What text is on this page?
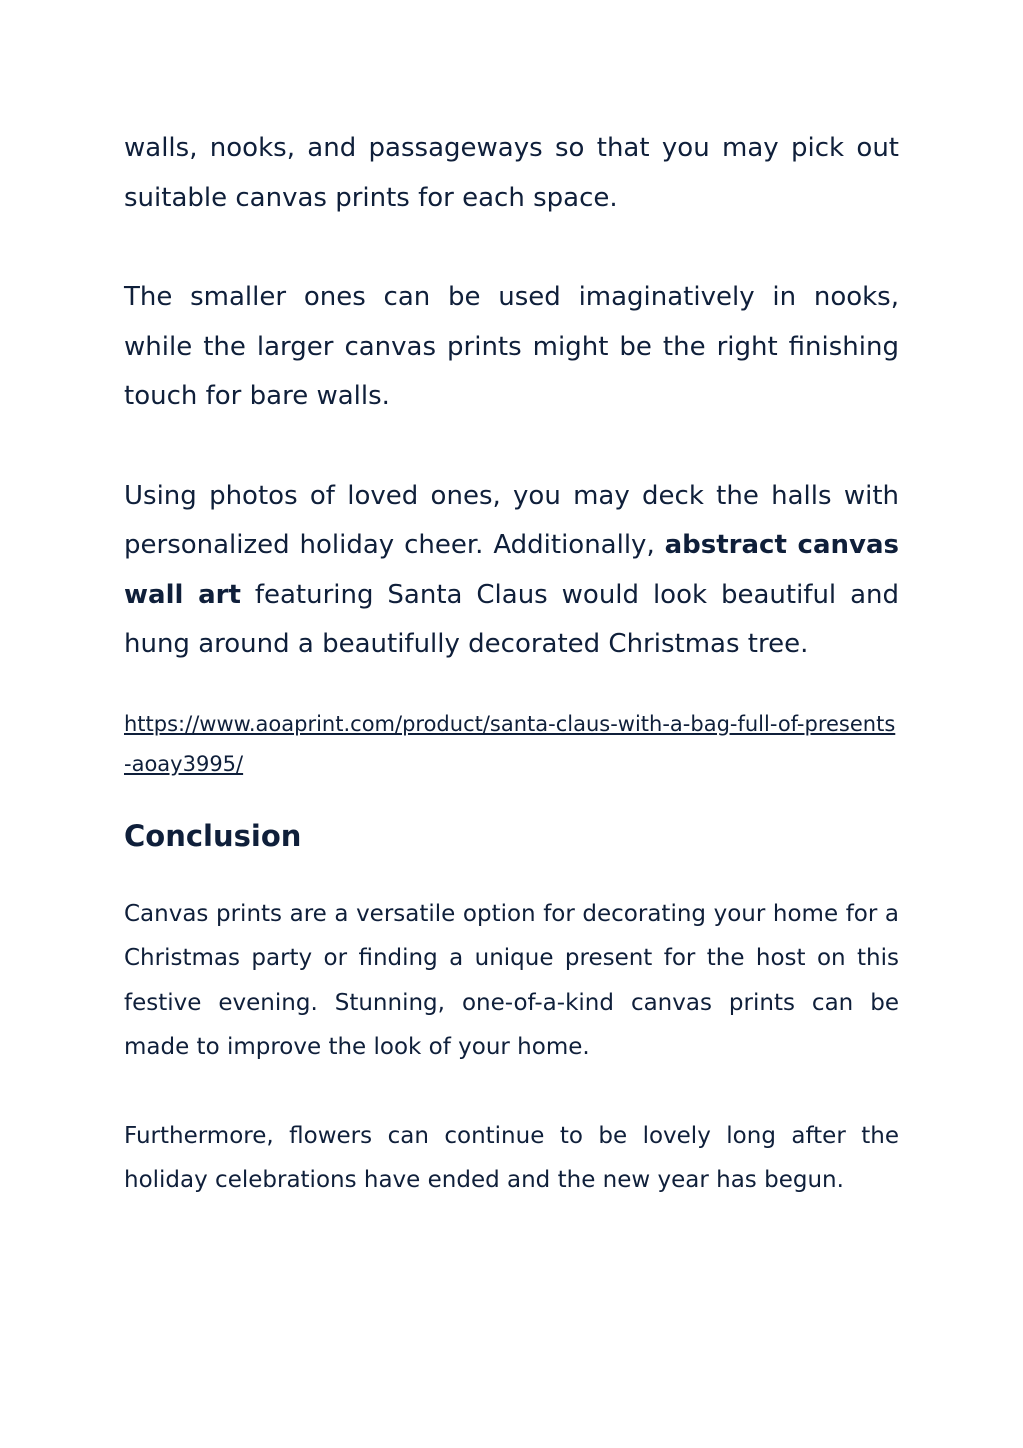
walls, nooks, and passageways so that you may pick out suitable canvas prints for each space.

The smaller ones can be used imaginatively in nooks, while the larger canvas prints might be the right finishing touch for bare walls.

Using photos of loved ones, you may deck the halls with personalized holiday cheer. Additionally, abstract canvas wall art featuring Santa Claus would look beautiful and hung around a beautifully decorated Christmas tree.

https://www.aoaprint.com/product/santa-claus-with-a-bag-full-of-presents-aoay3995/
Conclusion

Canvas prints are a versatile option for decorating your home for a Christmas party or finding a unique present for the host on this festive evening. Stunning, one-of-a-kind canvas prints can be made to improve the look of your home.

Furthermore, flowers can continue to be lovely long after the holiday celebrations have ended and the new year has begun.
